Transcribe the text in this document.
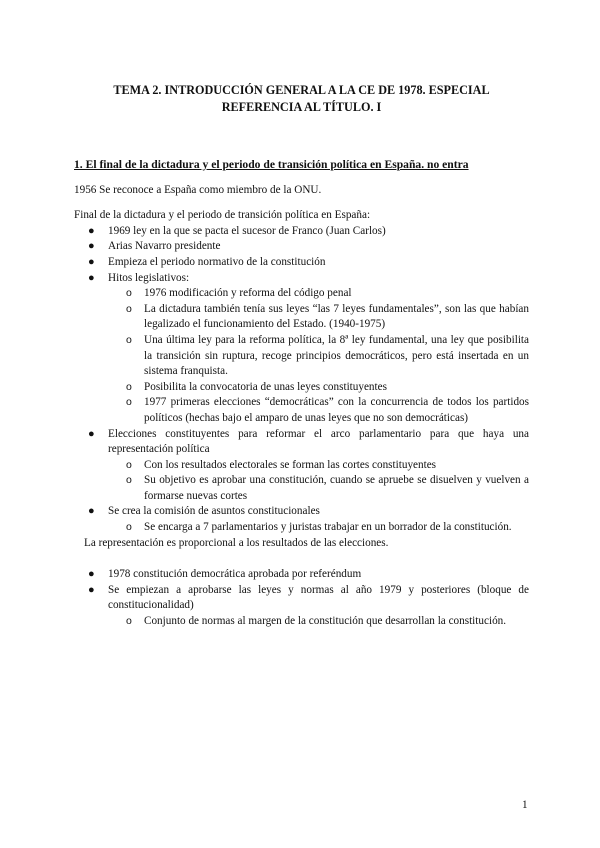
TEMA 2. INTRODUCCIÓN GENERAL A LA CE DE 1978. ESPECIAL
REFERENCIA AL TÍTULO. I
1. El final de la dictadura y el periodo de transición política en España. no entra

1956 Se reconoce a España como miembro de la ONU.

Final de la dictadura y el periodo de transición política en España:

● 1969 ley en la que se pacta el sucesor de Franco (Juan Carlos)
● Arias Navarro presidente
● Empieza el periodo normativo de la constitución
● Hitos legislativos:
o 1976 modificación y reforma del código penal
o La dictadura también tenía sus leyes “las 7 leyes fundamentales”, son las que habían legalizado el funcionamiento del Estado. (1940-1975)
o Una última ley para la reforma política, la 8ª ley fundamental, una ley que posibilita la transición sin ruptura, recoge principios democráticos, pero está insertada en un sistema franquista.
o Posibilita la convocatoria de unas leyes constituyentes
o 1977 primeras elecciones “democráticas” con la concurrencia de todos los partidos políticos (hechas bajo el amparo de unas leyes que no son democráticas)
● Elecciones constituyentes para reformar el arco parlamentario para que haya una representación política
o Con los resultados electorales se forman las cortes constituyentes
o Su objetivo es aprobar una constitución, cuando se apruebe se disuelven y vuelven a formarse nuevas cortes
● Se crea la comisión de asuntos constitucionales
o Se encarga a 7 parlamentarios y juristas trabajar en un borrador de la constitución.

La representación es proporcional a los resultados de las elecciones.

● 1978 constitución democrática aprobada por referéndum
● Se empiezan a aprobarse las leyes y normas al año 1979 y posteriores (bloque de constitucionalidad)
o Conjunto de normas al margen de la constitución que desarrollan la constitución.
1
